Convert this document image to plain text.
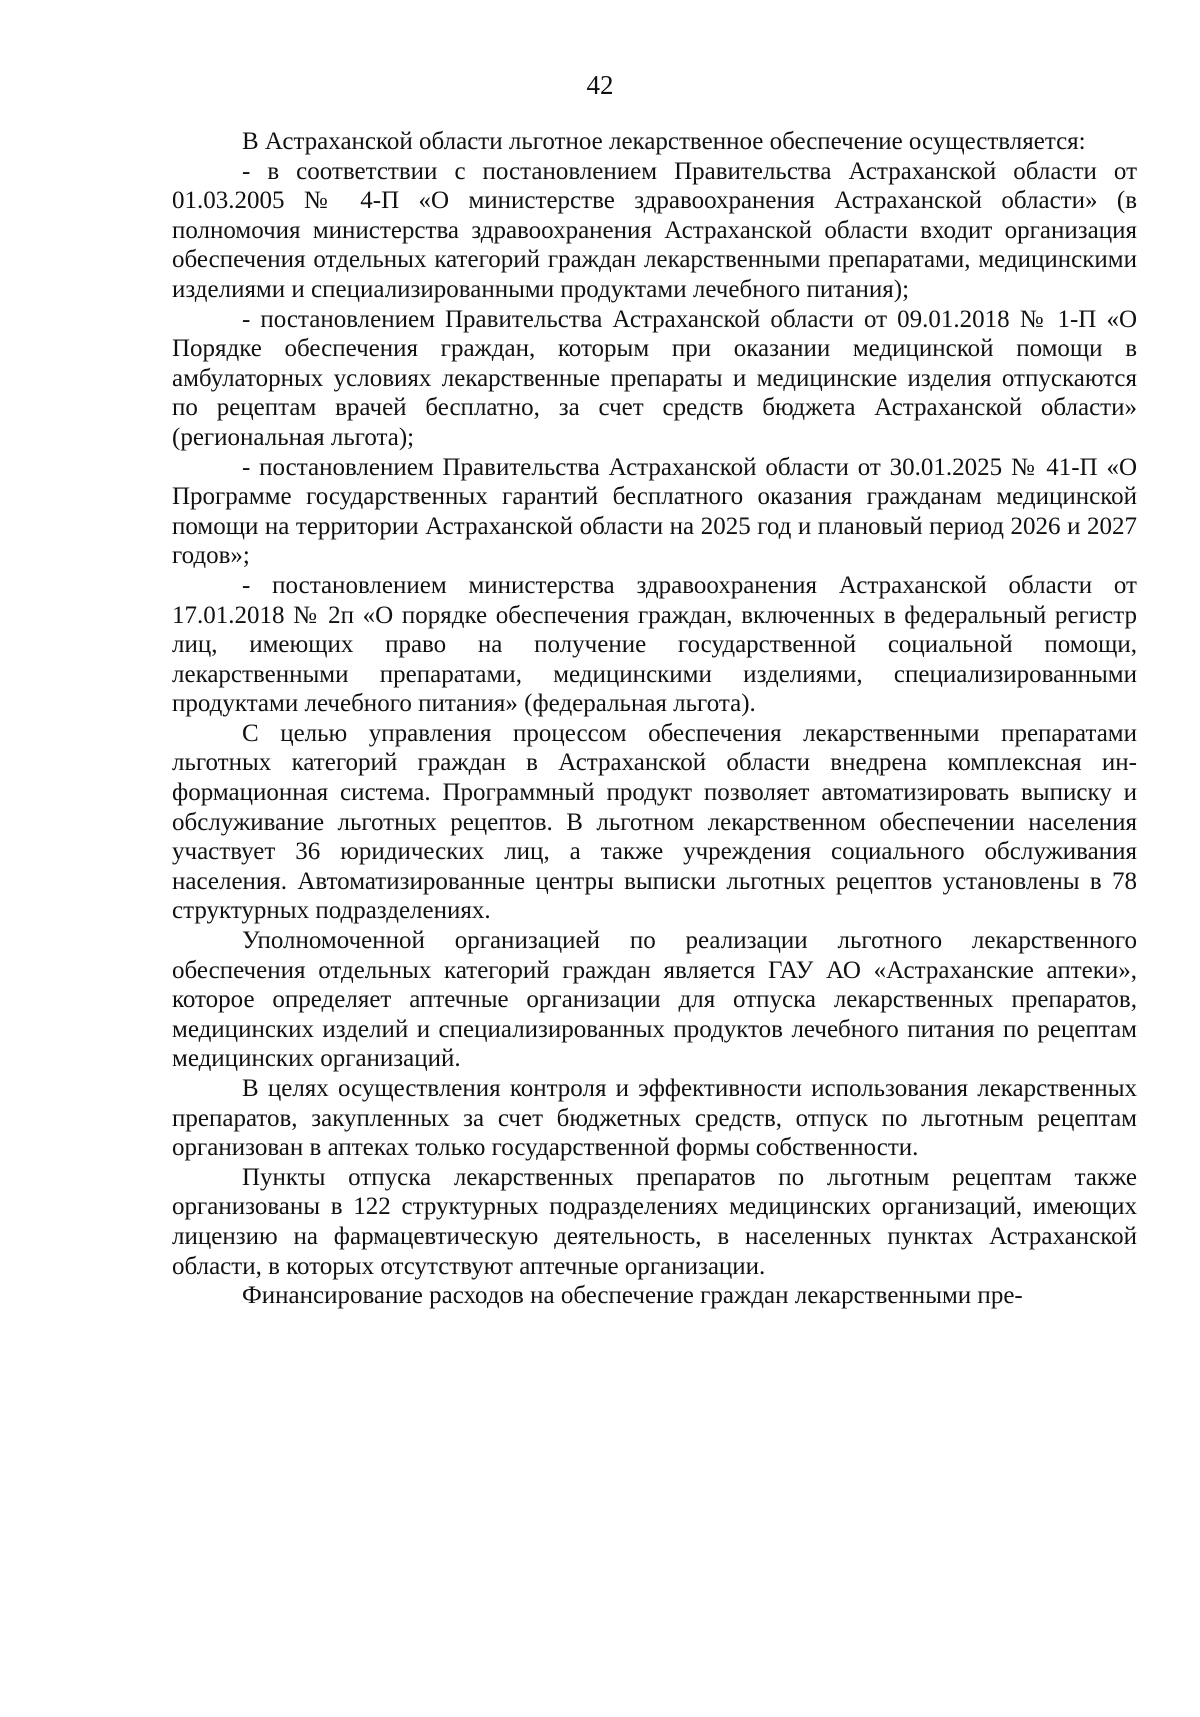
42

В Астраханской области льготное лекарственное обеспечение осуществляется:

- в соответствии с постановлением Правительства Астраханской области от 01.03.2005 № 4-П «О министерстве здравоохранения Астраханской области» (в полномочия министерства здравоохранения Астраханской области входит организация обеспечения отдельных категорий граждан лекарственными препаратами, медицинскими изделиями и специализированными продуктами лечебного питания);

- постановлением Правительства Астраханской области от 09.01.2018 № 1-П «О Порядке обеспечения граждан, которым при оказании медицинской помощи в амбулаторных условиях лекарственные препараты и медицинские изделия отпускаются по рецептам врачей бесплатно, за счет средств бюджета Астраханской области» (региональная льгота);

- постановлением Правительства Астраханской области от 30.01.2025 № 41-П «О Программе государственных гарантий бесплатного оказания гражданам медицинской помощи на территории Астраханской области на 2025 год и плановый период 2026 и 2027 годов»;

- постановлением министерства здравоохранения Астраханской области от 17.01.2018 № 2п «О порядке обеспечения граждан, включенных в федеральный регистр лиц, имеющих право на получение государственной социальной помощи, лекарственными препаратами, медицинскими изделиями, специализированными продуктами лечебного питания» (федеральная льгота).

С целью управления процессом обеспечения лекарственными препаратами льготных категорий граждан в Астраханской области внедрена комплексная информационная система. Программный продукт позволяет автоматизировать выписку и обслуживание льготных рецептов. В льготном лекарственном обеспечении населения участвует 36 юридических лиц, а также учреждения социального обслуживания населения. Автоматизированные центры выписки льготных рецептов установлены в 78 структурных подразделениях.

Уполномоченной организацией по реализации льготного лекарственного обеспечения отдельных категорий граждан является ГАУ АО «Астраханские аптеки», которое определяет аптечные организации для отпуска лекарственных препаратов, медицинских изделий и специализированных продуктов лечебного питания по рецептам медицинских организаций.

В целях осуществления контроля и эффективности использования лекарственных препаратов, закупленных за счет бюджетных средств, отпуск по льготным рецептам организован в аптеках только государственной формы собственности.

Пункты отпуска лекарственных препаратов по льготным рецептам также организованы в 122 структурных подразделениях медицинских организаций, имеющих лицензию на фармацевтическую деятельность, в населенных пунктах Астраханской области, в которых отсутствуют аптечные организации.

Финансирование расходов на обеспечение граждан лекарственными пре-
